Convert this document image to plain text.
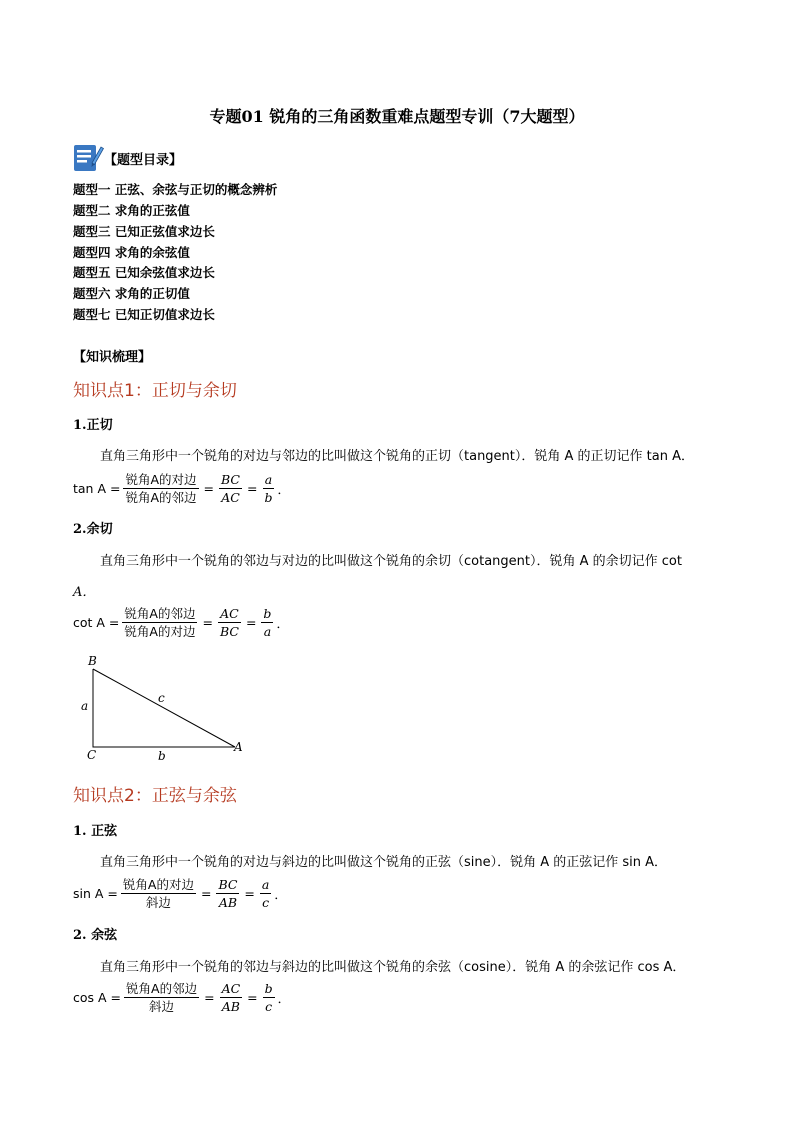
专题01 锐角的三角函数重难点题型专训（7大题型）
【题型目录】
题型一 正弦、余弦与正切的概念辨析
题型二 求角的正弦值
题型三 已知正弦值求边长
题型四 求角的余弦值
题型五 已知余弦值求边长
题型六 求角的正切值
题型七 已知正切值求边长
【知识梳理】
知识点1：正切与余切
1.正切
直角三角形中一个锐角的对边与邻边的比叫做这个锐角的正切（tangent）．锐角 A 的正切记作 tan A．
$\tan A = \frac{\text{锐角A的对边}}{\text{锐角A的邻边}} = \frac{BC}{AC} = \frac{a}{b}$ ．
2.余切
直角三角形中一个锐角的邻边与对边的比叫做这个锐角的余切（cotangent）．锐角 A 的余切记作 cot
A．
$\cot A = \frac{\text{锐角A的邻边}}{\text{锐角A的对边}} = \frac{AC}{BC} = \frac{b}{a}$ ．
B
C
A
a
b
c
知识点2：正弦与余弦
1. 正弦
直角三角形中一个锐角的对边与斜边的比叫做这个锐角的正弦（sine）．锐角 A 的正弦记作 sin A．
$\sin A = \frac{\text{锐角A的对边}}{\text{斜边}} = \frac{BC}{AB} = \frac{a}{c}$ ．
2. 余弦
直角三角形中一个锐角的邻边与斜边的比叫做这个锐角的余弦（cosine）．锐角 A 的余弦记作 cos A．
$\cos A = \frac{\text{锐角A的邻边}}{\text{斜边}} = \frac{AC}{AB} = \frac{b}{c}$ ．
